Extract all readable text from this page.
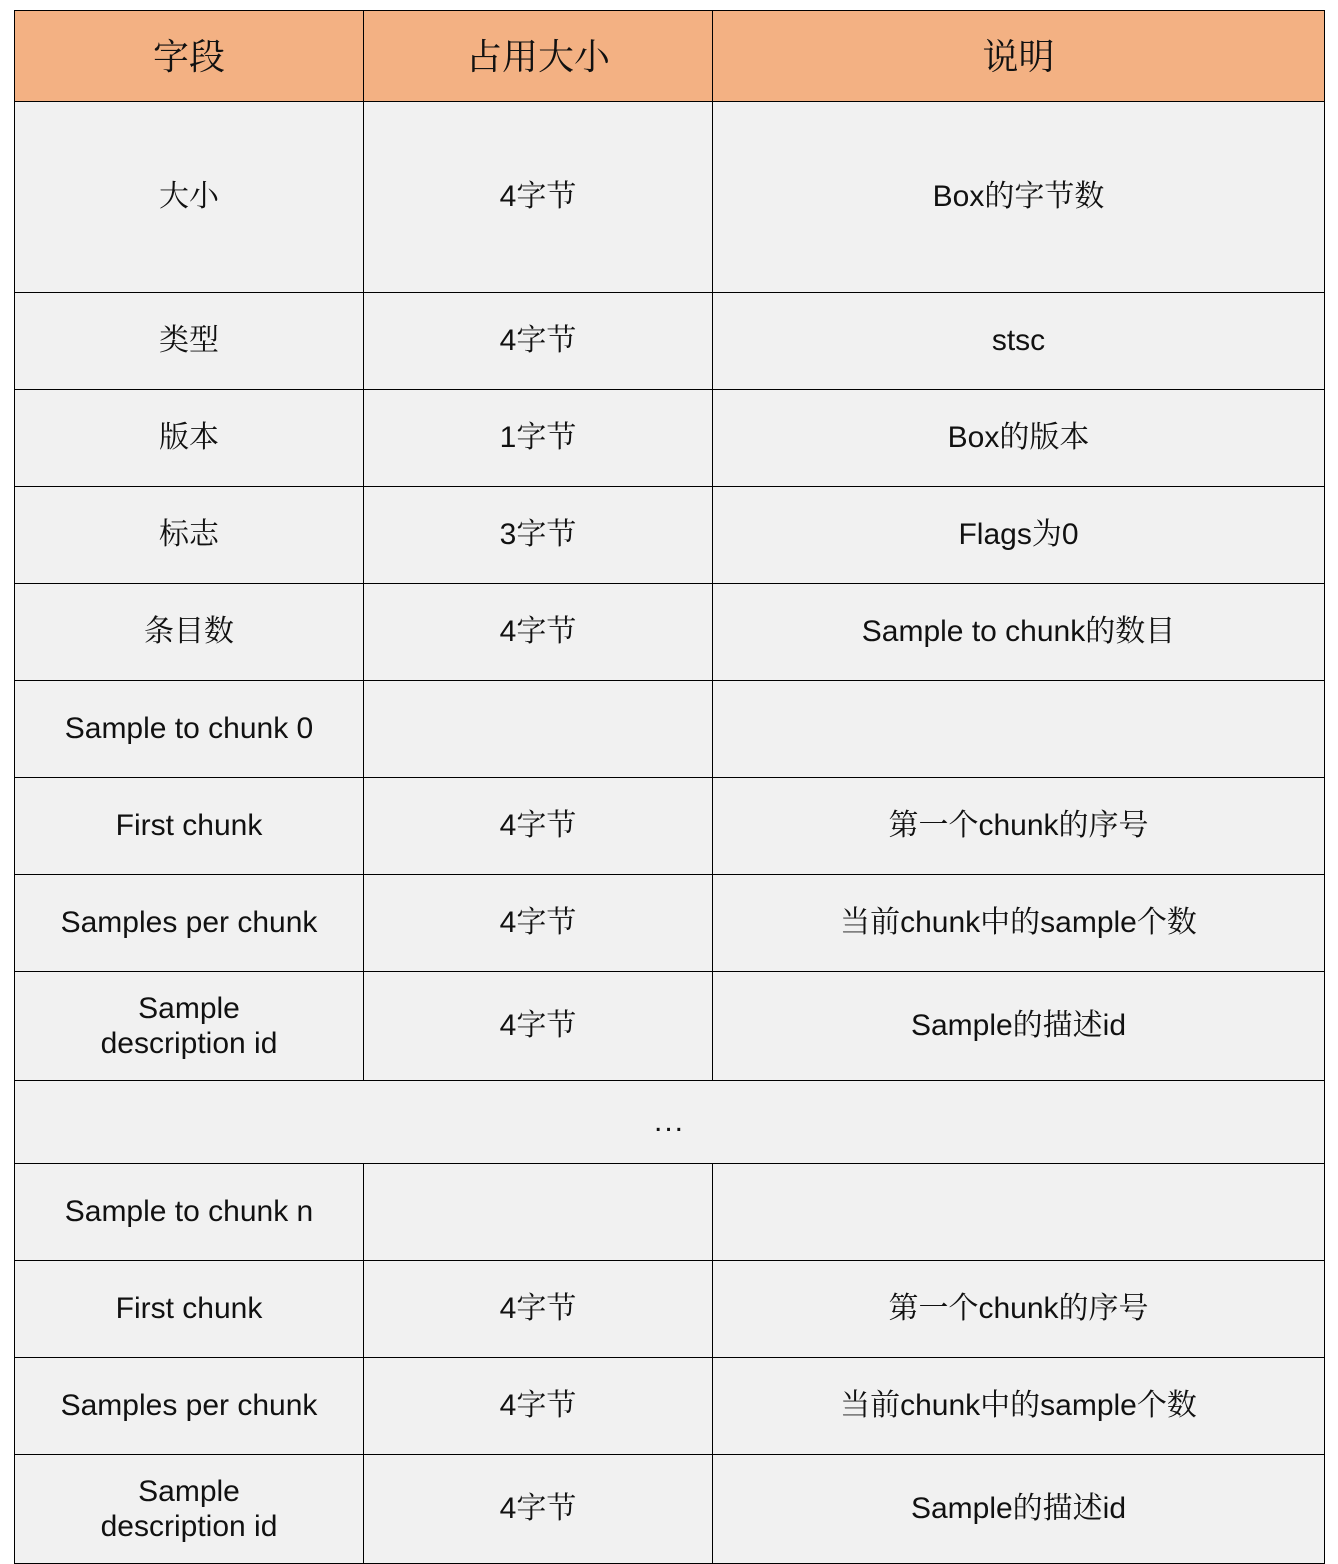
字段	占用大小	说明
大小	4字节	Box的字节数
类型	4字节	stsc
版本	1字节	Box的版本
标志	3字节	Flags为0
条目数	4字节	Sample to chunk的数目
Sample to chunk 0		
First chunk	4字节	第一个chunk的序号
Samples per chunk	4字节	当前chunk中的sample个数

Sample
description id	4字节	Sample的描述id
...		
Sample to chunk n		
First chunk	4字节	第一个chunk的序号
Samples per chunk	4字节	当前chunk中的sample个数

Sample
description id	4字节	Sample的描述id
